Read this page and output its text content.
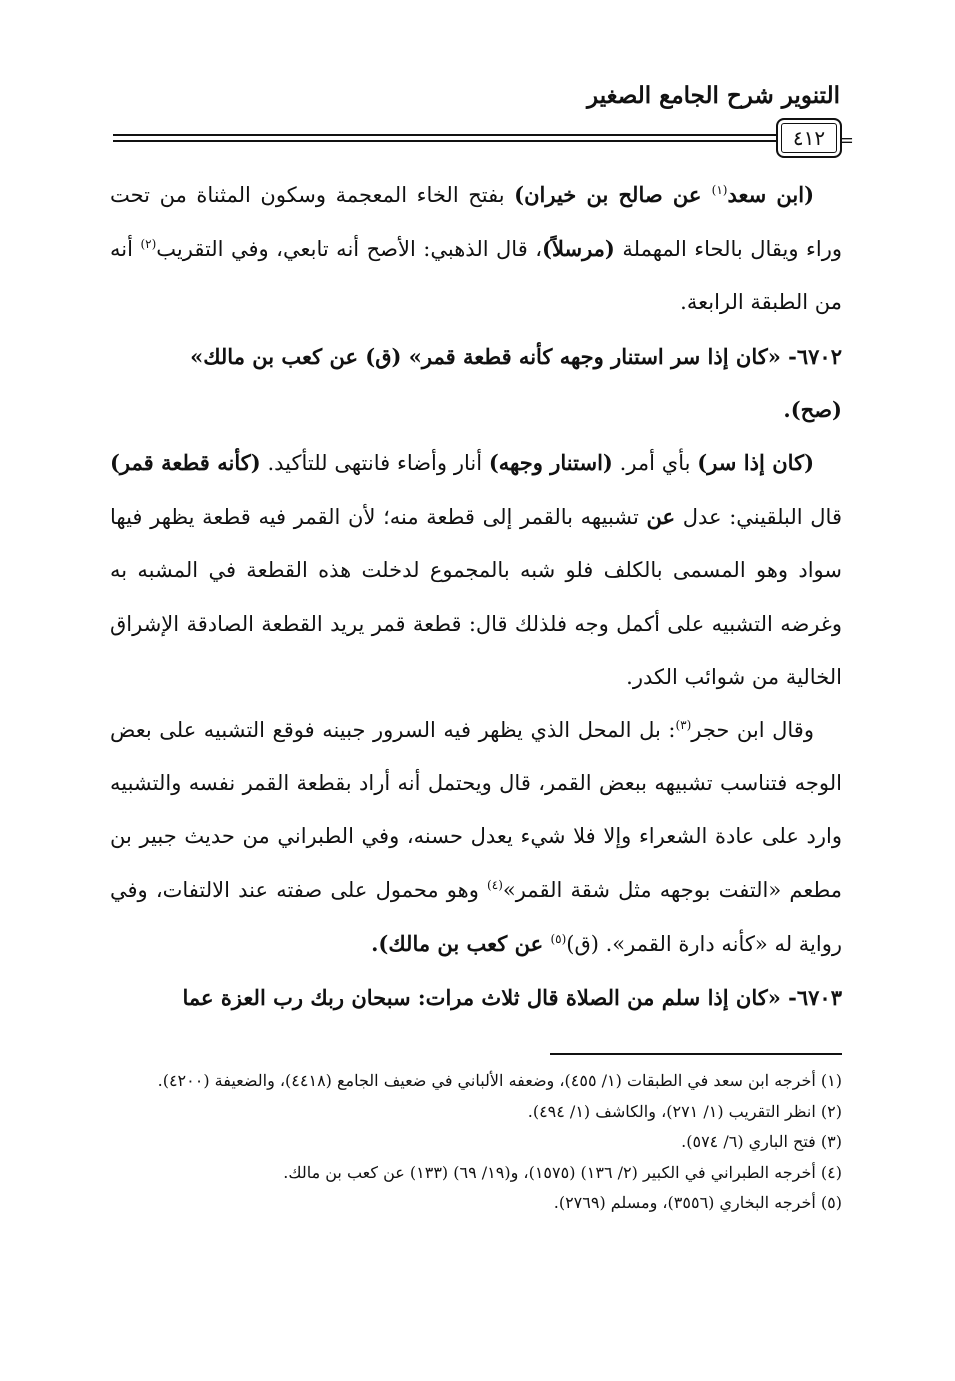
التنوير شرح الجامع الصغير
٤١٢ =

(ابن سعد$^{(١)}$ عن صالح بن خيران) بفتح الخاء المعجمة وسكون المثناة من تحت وراء ويقال بالحاء المهملة (مرسلاً)، قال الذهبي: الأصح أنه تابعي، وفي التقريب$^{(٢)}$ أنه من الطبقة الرابعة.

٦٧٠٢- «كان إذا سر استنار وجهه كأنه قطعة قمر» (ق) عن كعب بن مالك»

(صح).

(كان إذا سر) بأي أمر. (استنار وجهه) أنار وأضاء فانتهى للتأكيد. (كأنه قطعة قمر) قال البلقيني: عدل عن تشبيهه بالقمر إلى قطعة منه؛ لأن القمر فيه قطعة يظهر فيها سواد وهو المسمى بالكلف فلو شبه بالمجموع لدخلت هذه القطعة في المشبه به وغرضه التشبيه على أكمل وجه فلذلك قال: قطعة قمر يريد القطعة الصادقة الإشراق الخالية من شوائب الكدر.

وقال ابن حجر$^{(٣)}$: بل المحل الذي يظهر فيه السرور جبينه فوقع التشبيه على بعض الوجه فتناسب تشبيهه ببعض القمر، قال ويحتمل أنه أراد بقطعة القمر نفسه والتشبيه وارد على عادة الشعراء وإلا فلا شيء يعدل حسنه، وفي الطبراني من حديث جبير بن مطعم «التفت بوجهه مثل شقة القمر»$^{(٤)}$ وهو محمول على صفته عند الالتفات، وفي رواية له «كأنه دارة القمر». (ق)$^{(٥)}$ عن كعب بن مالك).

٦٧٠٣- «كان إذا سلم من الصلاة قال ثلاث مرات: سبحان ربك رب العزة عما

(١) أخرجه ابن سعد في الطبقات (١/ ٤٥٥)، وضعفه الألباني في ضعيف الجامع (٤٤١٨)، والضعيفة (٤٢٠٠).

(٢) انظر التقريب (١/ ٢٧١)، والكاشف (١/ ٤٩٤).

(٣) فتح الباري (٦/ ٥٧٤).

(٤) أخرجه الطبراني في الكبير (٢/ ١٣٦) (١٥٧٥)، و(١٩/ ٦٩) (١٣٣) عن كعب بن مالك.

(٥) أخرجه البخاري (٣٥٥٦)، ومسلم (٢٧٦٩).
